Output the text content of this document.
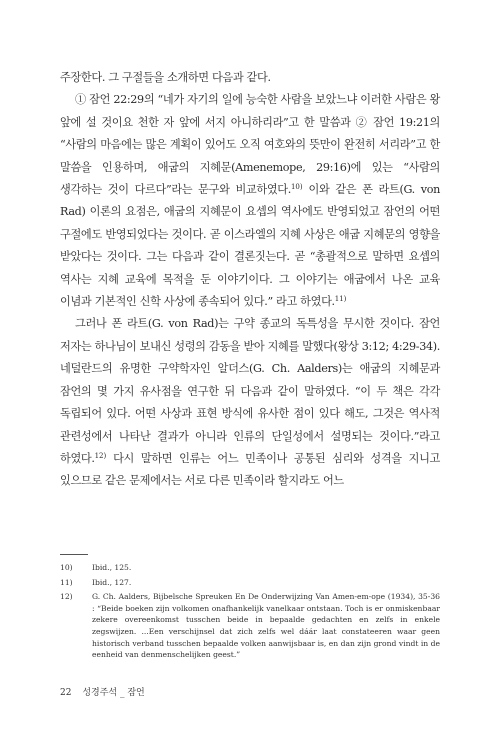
주장한다. 그 구절들을 소개하면 다음과 같다.

① 잠언 22:29의 “네가 자기의 일에 능숙한 사람을 보았느냐 이러한 사람은 왕 앞에 설 것이요 천한 자 앞에 서지 아니하리라”고 한 말씀과 ② 잠언 19:21의 “사람의 마음에는 많은 계획이 있어도 오직 여호와의 뜻만이 완전히 서리라”고 한 말씀을 인용하며, 애굽의 지혜문(Amenemope, 29:16)에 있는 “사람의 생각하는 것이 다르다”라는 문구와 비교하였다.$^{10)}$ 이와 같은 폰 라트(G. von Rad) 이론의 요점은, 애굽의 지혜문이 요셉의 역사에도 반영되었고 잠언의 어떤 구절에도 반영되었다는 것이다. 곧 이스라엘의 지혜 사상은 애굽 지혜문의 영향을 받았다는 것이다. 그는 다음과 같이 결론짓는다. 곧 “총괄적으로 말하면 요셉의 역사는 지혜 교육에 목적을 둔 이야기이다. 그 이야기는 애굽에서 나온 교육 이념과 기본적인 신학 사상에 종속되어 있다.” 라고 하였다.$^{11)}$

그러나 폰 라트(G. von Rad)는 구약 종교의 독특성을 무시한 것이다. 잠언 저자는 하나님이 보내신 성령의 감동을 받아 지혜를 말했다(왕상 3:12; 4:29-34). 네덜란드의 유명한 구약학자인 알더스(G. Ch. Aalders)는 애굽의 지혜문과 잠언의 몇 가지 유사점을 연구한 뒤 다음과 같이 말하였다. “이 두 책은 각각 독립되어 있다. 어떤 사상과 표현 방식에 유사한 점이 있다 해도, 그것은 역사적 관련성에서 나타난 결과가 아니라 인류의 단일성에서 설명되는 것이다.”라고 하였다.$^{12)}$ 다시 말하면 인류는 어느 민족이나 공통된 심리와 성격을 지니고 있으므로 같은 문제에서는 서로 다른 민족이라 할지라도 어느

10)	Ibid., 125.
11)	Ibid., 127.
12)	G. Ch. Aalders, Bijbelsche Spreuken En De Onderwijzing Van Amen-em-ope (1934), 35-36 : “Beide boeken zijn volkomen onafhankelijk vanelkaar ontstaan. Toch is er onmiskenbaar zekere overeenkomst tusschen beide in bepaalde gedachten en zelfs in enkele zegswijzen. ...Een verschijnsel dat zich zelfs wel dáár laat constateeren waar geen historisch verband tusschen bepaalde volken aanwijsbaar is, en dan zijn grond vindt in de eenheid van denmenschelijken geest.”
22 성경주석 _ 잠언
